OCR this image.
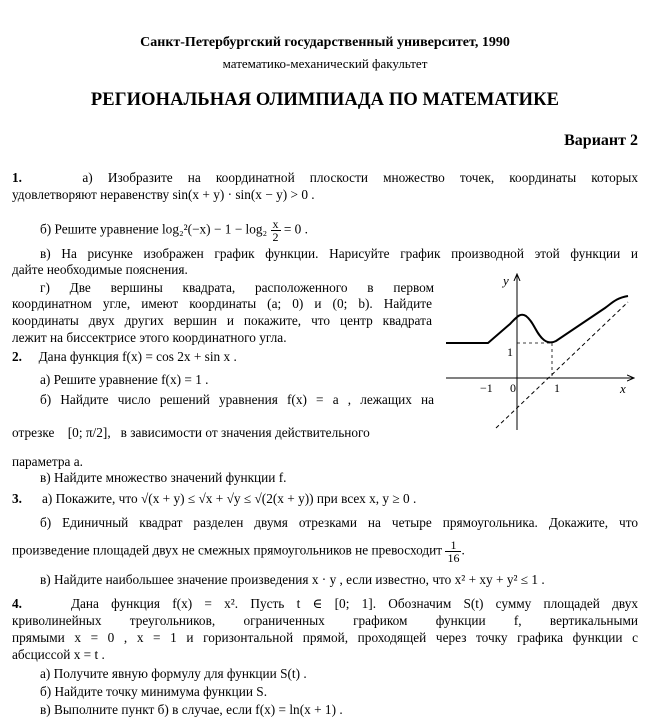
Санкт-Петербургский государственный университет, 1990
математико-механический факультет
РЕГИОНАЛЬНАЯ ОЛИМПИАДА ПО МАТЕМАТИКЕ
Вариант 2
1.	а) Изобразите на координатной плоскости множество точек, координаты которых
удовлетворяют неравенству sin(x + y) · sin(x − y) > 0 .
б) Решите уравнение $\log_2^2(-x) - 1 - \log_2 \frac{x}{2} = 0$ .
в) На рисунке изображен график функции. Нарисуйте график производной этой функции и
дайте необходимые пояснения.
г) Две вершины квадрата, расположенного в первом
координатном угле, имеют координаты (a; 0) и (0; b). Найдите
координаты двух других вершин и покажите, что центр квадрата
лежит на биссектрисе этого координатного угла.
y
x
1
−1 0	1
2. Дана функция f(x) = cos 2x + sin x .
а) Решите уравнение f(x) = 1 .
б) Найдите число решений уравнения f(x) = a , лежащих на
отрезке [0; π/2], в зависимости от значения действительного
параметра a.
в) Найдите множество значений функции f.
3. а) Покажите, что √(x + y) ≤ √x + √y ≤ √(2(x + y)) при всех x, y ≥ 0 .
б) Единичный квадрат разделен двумя отрезками на четыре прямоугольника. Докажите, что
произведение площадей двух не смежных прямоугольников не превосходит $\frac{1}{16}$ .
в) Найдите наибольшее значение произведения x · y , если известно, что x² + xy + y² ≤ 1 .
4.	Дана функция f(x) = x². Пусть t ∈ [0; 1]. Обозначим S(t) сумму площадей двух
криволинейных треугольников, ограниченных графиком функции f, вертикальными
прямыми x = 0 , x = 1 и горизонтальной прямой, проходящей через точку графика функции с
абсциссой x = t .
а) Получите явную формулу для функции S(t) .
б) Найдите точку минимума функции S.
в) Выполните пункт б) в случае, если f(x) = ln(x + 1) .
